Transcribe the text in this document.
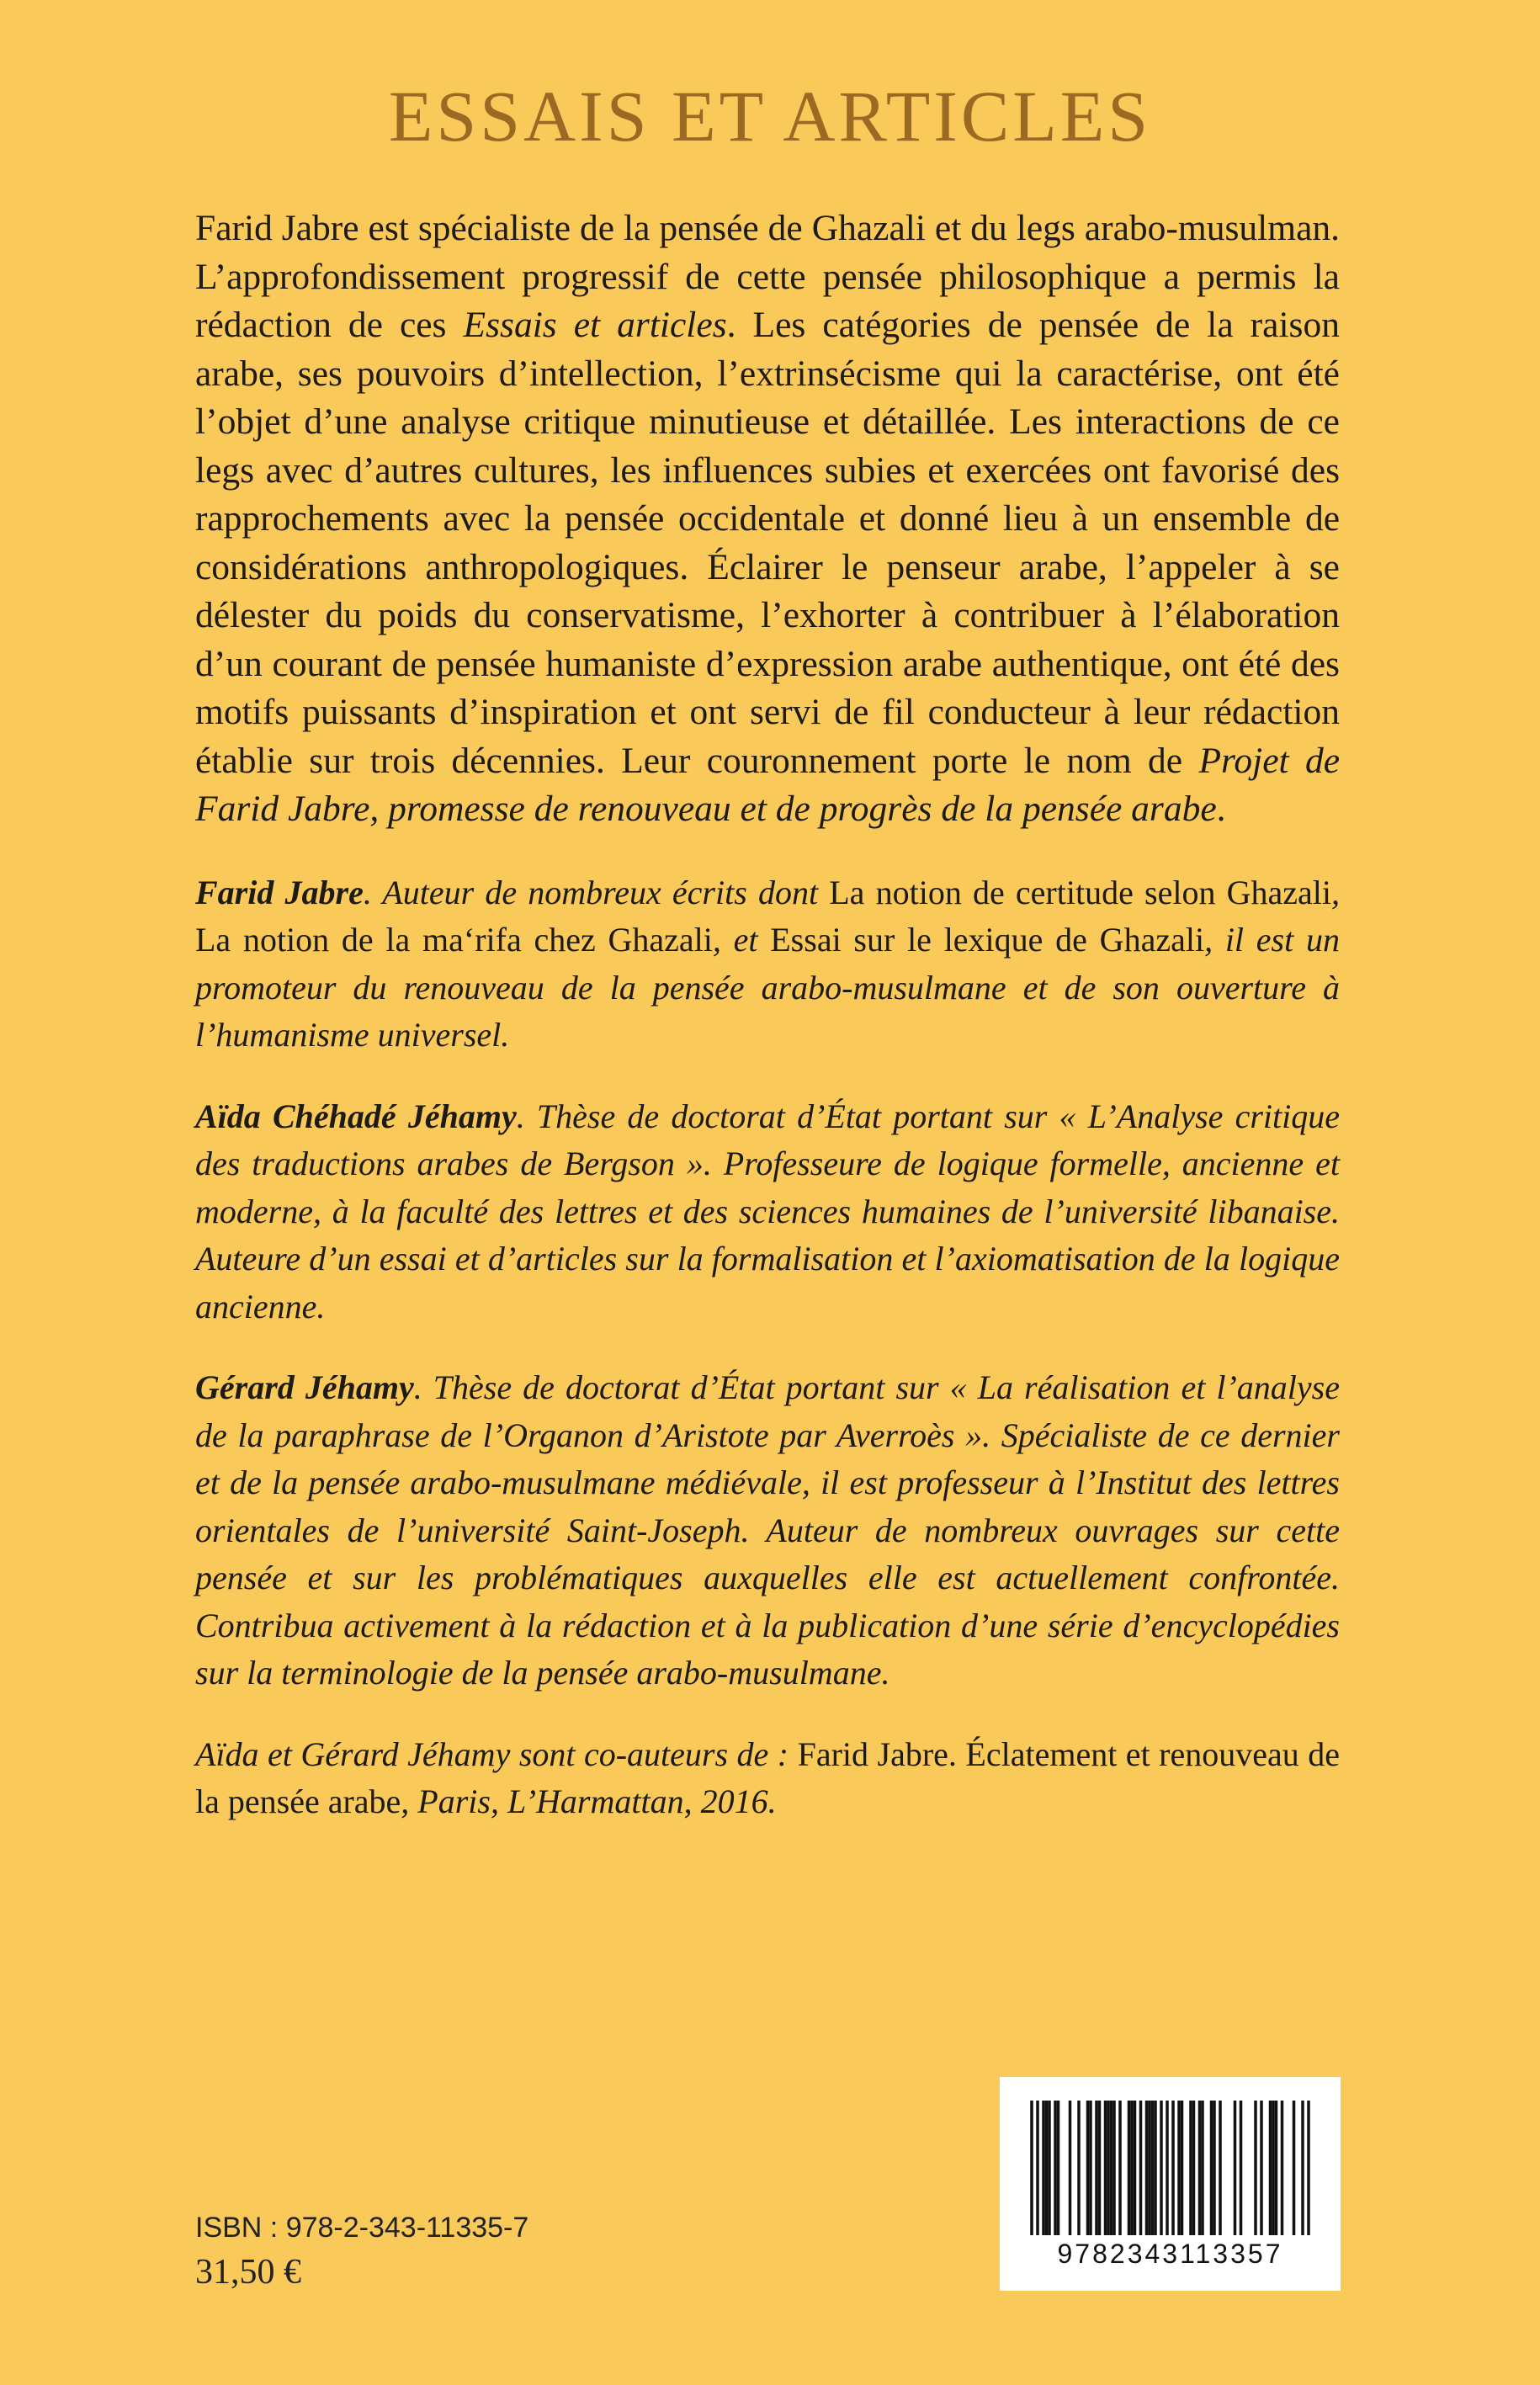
ESSAIS ET ARTICLES

Farid Jabre est spécialiste de la pensée de Ghazali et du legs arabo-musulman. L’approfondissement progressif de cette pensée philosophique a permis la rédaction de ces Essais et articles. Les catégories de pensée de la raison arabe, ses pouvoirs d’intellection, l’extrinsécisme qui la caractérise, ont été l’objet d’une analyse critique minutieuse et détaillée. Les interactions de ce legs avec d’autres cultures, les influences subies et exercées ont favorisé des rapprochements avec la pensée occidentale et donné lieu à un ensemble de considérations anthropologiques. Éclairer le penseur arabe, l’appeler à se délester du poids du conservatisme, l’exhorter à contribuer à l’élaboration d’un courant de pensée humaniste d’expression arabe authentique, ont été des motifs puissants d’inspiration et ont servi de fil conducteur à leur rédaction établie sur trois décennies. Leur couronnement porte le nom de Projet de Farid Jabre, promesse de renouveau et de progrès de la pensée arabe.

Farid Jabre. Auteur de nombreux écrits dont La notion de certitude selon Ghazali, La notion de la ma‘rifa chez Ghazali, et Essai sur le lexique de Ghazali, il est un promoteur du renouveau de la pensée arabo-musulmane et de son ouverture à l’humanisme universel.

Aïda Chéhadé Jéhamy. Thèse de doctorat d’État portant sur « L’Analyse critique des traductions arabes de Bergson ». Professeure de logique formelle, ancienne et moderne, à la faculté des lettres et des sciences humaines de l’université libanaise. Auteure d’un essai et d’articles sur la formalisation et l’axiomatisation de la logique ancienne.

Gérard Jéhamy. Thèse de doctorat d’État portant sur « La réalisation et l’analyse de la paraphrase de l’Organon d’Aristote par Averroès ». Spécialiste de ce dernier et de la pensée arabo-musulmane médiévale, il est professeur à l’Institut des lettres orientales de l’université Saint-Joseph. Auteur de nombreux ouvrages sur cette pensée et sur les problématiques auxquelles elle est actuellement confrontée. Contribua activement à la rédaction et à la publication d’une série d’encyclopédies sur la terminologie de la pensée arabo-musulmane.

Aïda et Gérard Jéhamy sont co-auteurs de : Farid Jabre. Éclatement et renouveau de la pensée arabe, Paris, L’Harmattan, 2016.

9782343113357
ISBN : 978-2-343-11335-7
31,50 €
